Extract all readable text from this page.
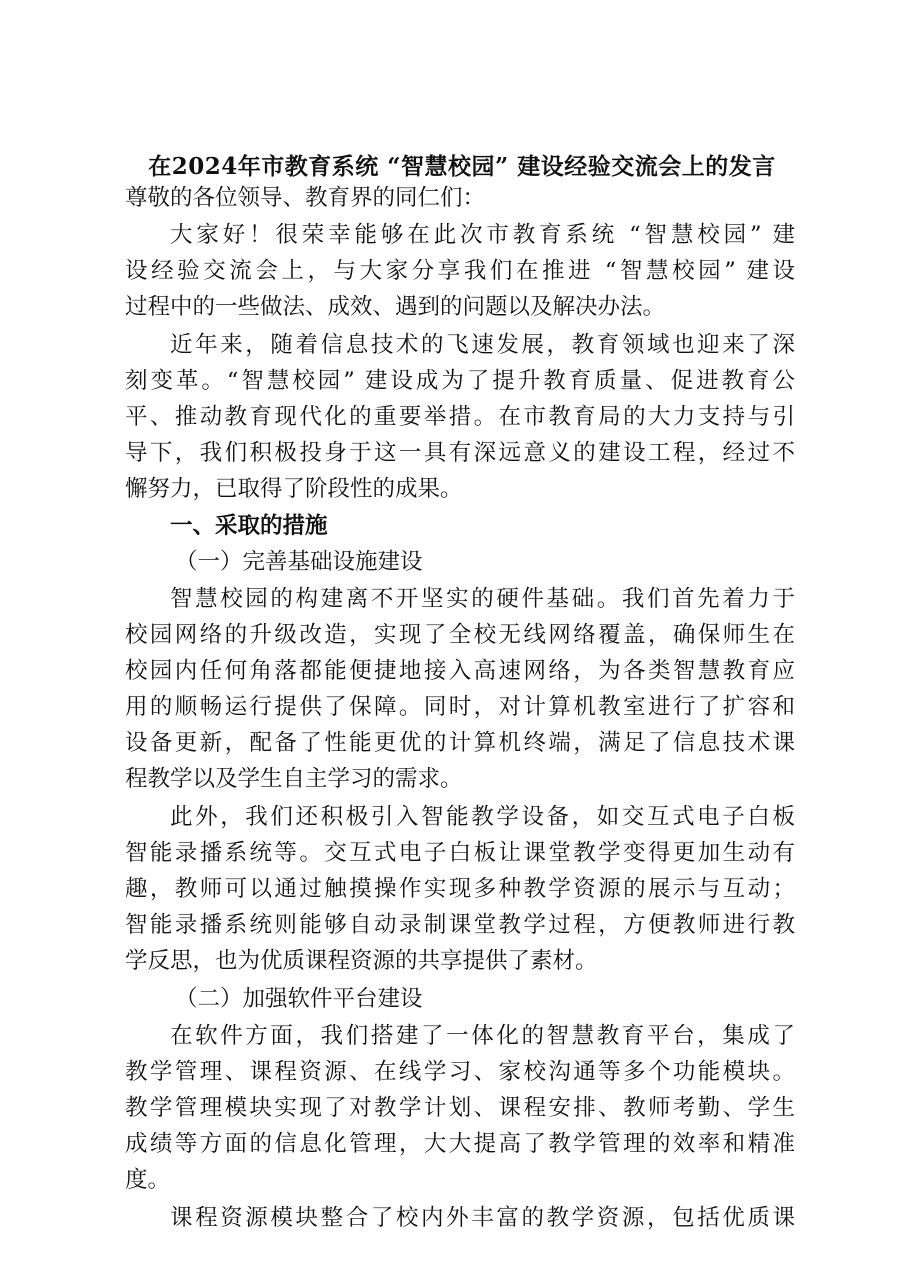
在2024年市教育系统 “智慧校园” 建设经验交流会上的发言
尊敬的各位领导、教育界的同仁们：
大家好！很荣幸能够在此次市教育系统 “智慧校园” 建
设经验交流会上，与大家分享我们在推进 “智慧校园” 建设
过程中的一些做法、成效、遇到的问题以及解决办法。
近年来，随着信息技术的飞速发展，教育领域也迎来了深
刻变革。“智慧校园” 建设成为了提升教育质量、促进教育公
平、推动教育现代化的重要举措。在市教育局的大力支持与引
导下，我们积极投身于这一具有深远意义的建设工程，经过不
懈努力，已取得了阶段性的成果。
一、采取的措施
（一）完善基础设施建设
智慧校园的构建离不开坚实的硬件基础。我们首先着力于
校园网络的升级改造，实现了全校无线网络覆盖，确保师生在
校园内任何角落都能便捷地接入高速网络，为各类智慧教育应
用的顺畅运行提供了保障。同时，对计算机教室进行了扩容和
设备更新，配备了性能更优的计算机终端，满足了信息技术课
程教学以及学生自主学习的需求。
此外，我们还积极引入智能教学设备，如交互式电子白板
智能录播系统等。交互式电子白板让课堂教学变得更加生动有
趣，教师可以通过触摸操作实现多种教学资源的展示与互动；
智能录播系统则能够自动录制课堂教学过程，方便教师进行教
学反思，也为优质课程资源的共享提供了素材。
（二）加强软件平台建设
在软件方面，我们搭建了一体化的智慧教育平台，集成了
教学管理、课程资源、在线学习、家校沟通等多个功能模块。
教学管理模块实现了对教学计划、课程安排、教师考勤、学生
成绩等方面的信息化管理，大大提高了教学管理的效率和精准
度。
课程资源模块整合了校内外丰富的教学资源，包括优质课
